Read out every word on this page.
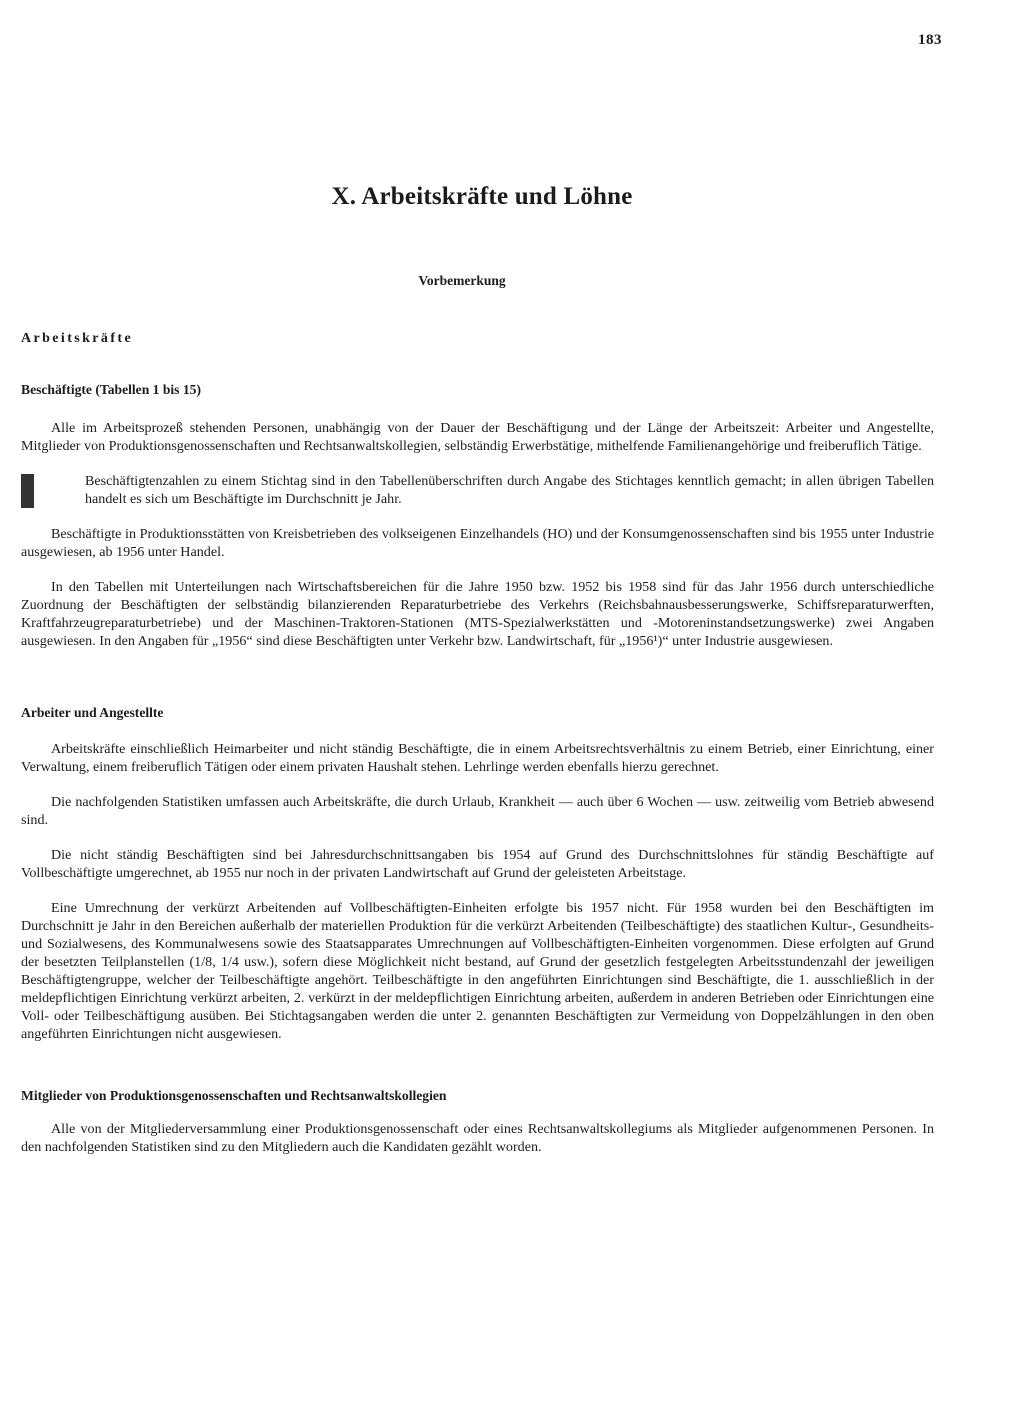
183
X. Arbeitskräfte und Löhne
Vorbemerkung
Arbeitskräfte
Beschäftigte (Tabellen 1 bis 15)

Alle im Arbeitsprozeß stehenden Personen, unabhängig von der Dauer der Beschäftigung und der Länge der Arbeitszeit: Arbeiter und Angestellte, Mitglieder von Produktionsgenossenschaften und Rechtsanwaltskollegien, selbständig Erwerbstätige, mithelfende Familienangehörige und freiberuflich Tätige.

Beschäftigtenzahlen zu einem Stichtag sind in den Tabellenüberschriften durch Angabe des Stichtages kenntlich gemacht; in allen übrigen Tabellen handelt es sich um Beschäftigte im Durchschnitt je Jahr.

Beschäftigte in Produktionsstätten von Kreisbetrieben des volkseigenen Einzelhandels (HO) und der Konsumgenossenschaften sind bis 1955 unter Industrie ausgewiesen, ab 1956 unter Handel.

In den Tabellen mit Unterteilungen nach Wirtschaftsbereichen für die Jahre 1950 bzw. 1952 bis 1958 sind für das Jahr 1956 durch unterschiedliche Zuordnung der Beschäftigten der selbständig bilanzierenden Reparaturbetriebe des Verkehrs (Reichsbahnausbesserungswerke, Schiffsreparaturwerften, Kraftfahrzeugreparaturbetriebe) und der Maschinen-Traktoren-Stationen (MTS-Spezialwerkstätten und -Motoreninstandsetzungswerke) zwei Angaben ausgewiesen. In den Angaben für „1956“ sind diese Beschäftigten unter Verkehr bzw. Landwirtschaft, für „1956¹)“ unter Industrie ausgewiesen.

Arbeiter und Angestellte

Arbeitskräfte einschließlich Heimarbeiter und nicht ständig Beschäftigte, die in einem Arbeitsrechtsverhältnis zu einem Betrieb, einer Einrichtung, einer Verwaltung, einem freiberuflich Tätigen oder einem privaten Haushalt stehen. Lehrlinge werden ebenfalls hierzu gerechnet.

Die nachfolgenden Statistiken umfassen auch Arbeitskräfte, die durch Urlaub, Krankheit — auch über 6 Wochen — usw. zeitweilig vom Betrieb abwesend sind.

Die nicht ständig Beschäftigten sind bei Jahresdurchschnittsangaben bis 1954 auf Grund des Durchschnittslohnes für ständig Beschäftigte auf Vollbeschäftigte umgerechnet, ab 1955 nur noch in der privaten Landwirtschaft auf Grund der geleisteten Arbeitstage.

Eine Umrechnung der verkürzt Arbeitenden auf Vollbeschäftigten-Einheiten erfolgte bis 1957 nicht. Für 1958 wurden bei den Beschäftigten im Durchschnitt je Jahr in den Bereichen außerhalb der materiellen Produktion für die verkürzt Arbeitenden (Teilbeschäftigte) des staatlichen Kultur-, Gesundheits- und Sozialwesens, des Kommunalwesens sowie des Staatsapparates Umrechnungen auf Vollbeschäftigten-Einheiten vorgenommen. Diese erfolgten auf Grund der besetzten Teilplanstellen (1/8, 1/4 usw.), sofern diese Möglichkeit nicht bestand, auf Grund der gesetzlich festgelegten Arbeitsstundenzahl der jeweiligen Beschäftigtengruppe, welcher der Teilbeschäftigte angehört. Teilbeschäftigte in den angeführten Einrichtungen sind Beschäftigte, die 1. ausschließlich in der meldepflichtigen Einrichtung verkürzt arbeiten, 2. verkürzt in der meldepflichtigen Einrichtung arbeiten, außerdem in anderen Betrieben oder Einrichtungen eine Voll- oder Teilbeschäftigung ausüben. Bei Stichtagsangaben werden die unter 2. genannten Beschäftigten zur Vermeidung von Doppelzählungen in den oben angeführten Einrichtungen nicht ausgewiesen.

Mitglieder von Produktionsgenossenschaften und Rechtsanwaltskollegien

Alle von der Mitgliederversammlung einer Produktionsgenossenschaft oder eines Rechtsanwaltskollegiums als Mitglieder aufgenommenen Personen. In den nachfolgenden Statistiken sind zu den Mitgliedern auch die Kandidaten gezählt worden.
